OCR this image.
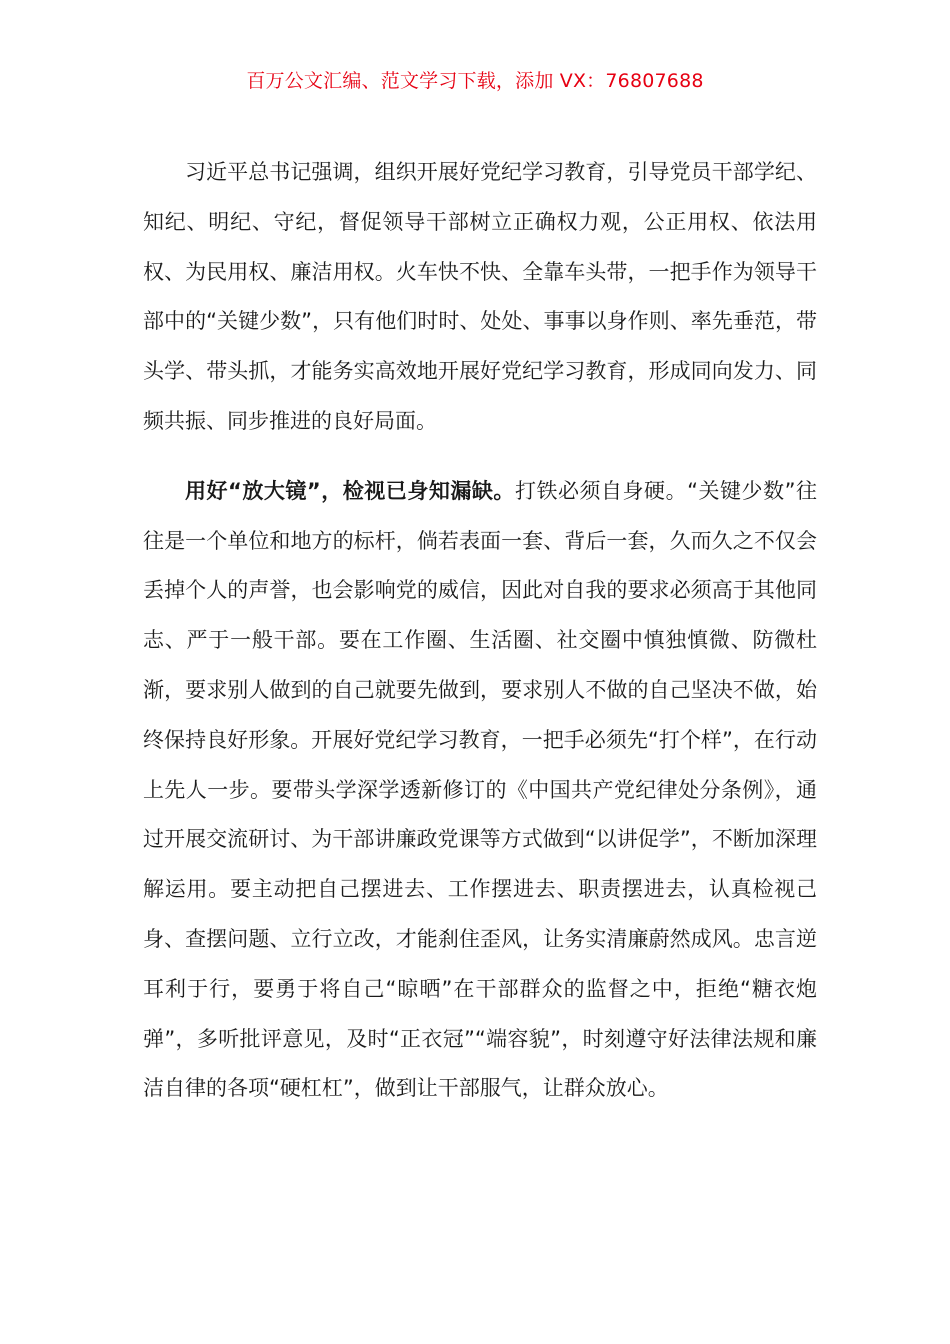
百万公文汇编、范文学习下载，添加 VX：76807688

习近平总书记强调，组织开展好党纪学习教育，引导党员干部学纪、知纪、明纪、守纪，督促领导干部树立正确权力观，公正用权、依法用权、为民用权、廉洁用权。火车快不快、全靠车头带，一把手作为领导干部中的“关键少数”，只有他们时时、处处、事事以身作则、率先垂范，带头学、带头抓，才能务实高效地开展好党纪学习教育，形成同向发力、同频共振、同步推进的良好局面。

用好“放大镜”，检视已身知漏缺。打铁必须自身硬。“关键少数”往往是一个单位和地方的标杆，倘若表面一套、背后一套，久而久之不仅会丢掉个人的声誉，也会影响党的威信，因此对自我的要求必须高于其他同志、严于一般干部。要在工作圈、生活圈、社交圈中慎独慎微、防微杜渐，要求别人做到的自己就要先做到，要求别人不做的自己坚决不做，始终保持良好形象。开展好党纪学习教育，一把手必须先“打个样”，在行动上先人一步。要带头学深学透新修订的《中国共产党纪律处分条例》，通过开展交流研讨、为干部讲廉政党课等方式做到“以讲促学”，不断加深理解运用。要主动把自己摆进去、工作摆进去、职责摆进去，认真检视己身、查摆问题、立行立改，才能刹住歪风，让务实清廉蔚然成风。忠言逆耳利于行，要勇于将自己“晾晒”在干部群众的监督之中，拒绝“糖衣炮弹”，多听批评意见，及时“正衣冠”“端容貌”，时刻遵守好法律法规和廉洁自律的各项“硬杠杠”，做到让干部服气，让群众放心。
